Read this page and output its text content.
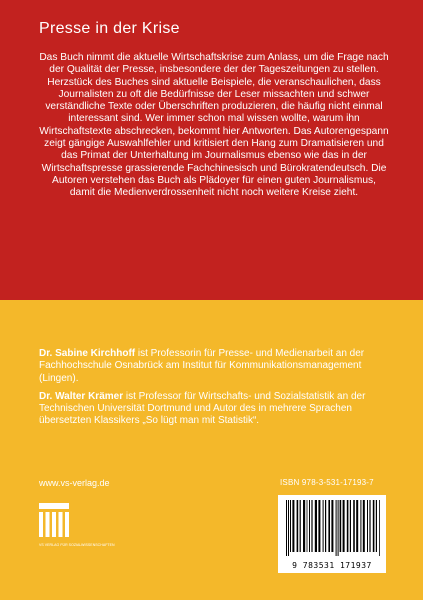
Presse in der Krise
Das Buch nimmt die aktuelle Wirtschaftskrise zum Anlass, um die Frage nach der Qualität der Presse, insbesondere der der Tageszeitungen zu stellen. Herzstück des Buches sind aktuelle Beispiele, die veranschaulichen, dass Journalisten zu oft die Bedürfnisse der Leser missachten und schwer verständliche Texte oder Überschriften produzieren, die häufig nicht einmal interessant sind. Wer immer schon mal wissen wollte, warum ihn Wirtschaftstexte abschrecken, bekommt hier Antworten. Das Autorengespann zeigt gängige Auswahlfehler und kritisiert den Hang zum Dramatisieren und das Primat der Unterhaltung im Journalismus ebenso wie das in der Wirtschaftspresse grassierende Fachchinesisch und Bürokratendeutsch. Die Autoren verstehen das Buch als Plädoyer für einen guten Journalismus, damit die Medienverdrossenheit nicht noch weitere Kreise zieht.

Dr. Sabine Kirchhoff ist Professorin für Presse- und Medienarbeit an der Fachhochschule Osnabrück am Institut für Kommunikationsmanagement (Lingen).

Dr. Walter Krämer ist Professor für Wirtschafts- und Sozialstatistik an der Technischen Universität Dortmund und Autor des in mehrere Sprachen übersetzten Klassikers „So lügt man mit Statistik“.

www.vs-verlag.de
VS VERLAG FÜR SOZIALWISSENSCHAFTEN
ISBN 978-3-531-17193-7
9 783531 171937
